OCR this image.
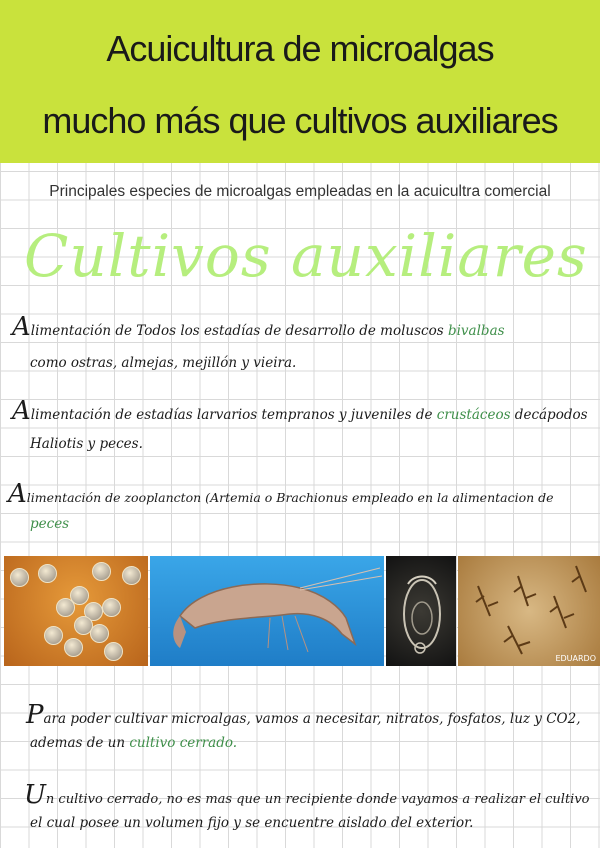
Acuicultura de microalgas
mucho más que cultivos auxiliares
Principales especies de microalgas empleadas en la acuicultra comercial
Cultivos auxiliares
Alimentación de Todos los estadías de desarrollo de moluscos bivalbas
como ostras, almejas, mejillón y vieira.
Alimentación de estadías larvarios tempranos y juveniles de crustáceos decápodos
Haliotis y peces.
Alimentación de zooplancton (Artemia o Brachionus empleado en la alimentacion de
peces
EDUARDO
Para poder cultivar microalgas, vamos a necesitar, nitratos, fosfatos, luz y CO2,
ademas de un cultivo cerrado.
Un cultivo cerrado, no es mas que un recipiente donde vayamos a realizar el cultivo
el cual posee un volumen fijo y se encuentre aislado del exterior.
